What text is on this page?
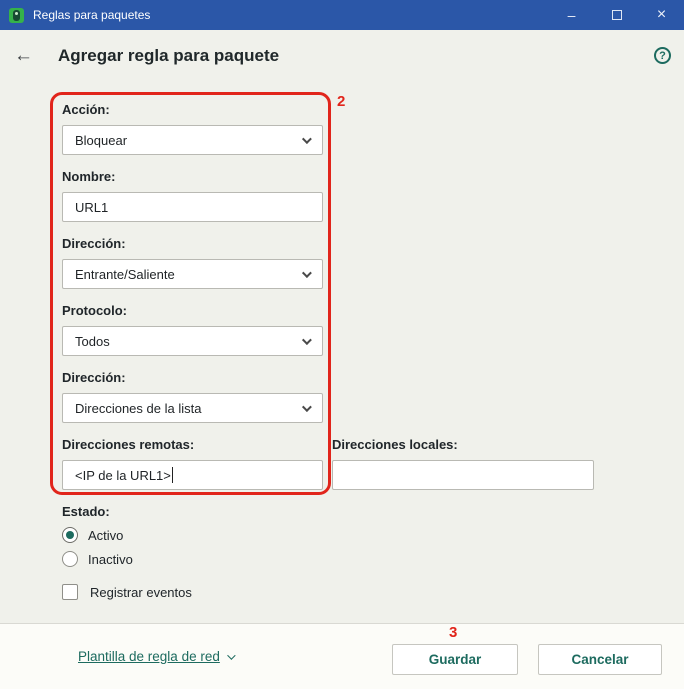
Reglas para paquetes	–	×
← Agregar regla para paquete	?
Acción:
Bloquear
Nombre:
URL1
Dirección:
Entrante/Saliente
Protocolo:
Todos
Dirección:
Direcciones de la lista
Direcciones remotas:
<IP de la URL1>
Direcciones locales:
Estado:
Activo
Inactivo
Registrar eventos
2
3
Plantilla de regla de red	Guardar	Cancelar
